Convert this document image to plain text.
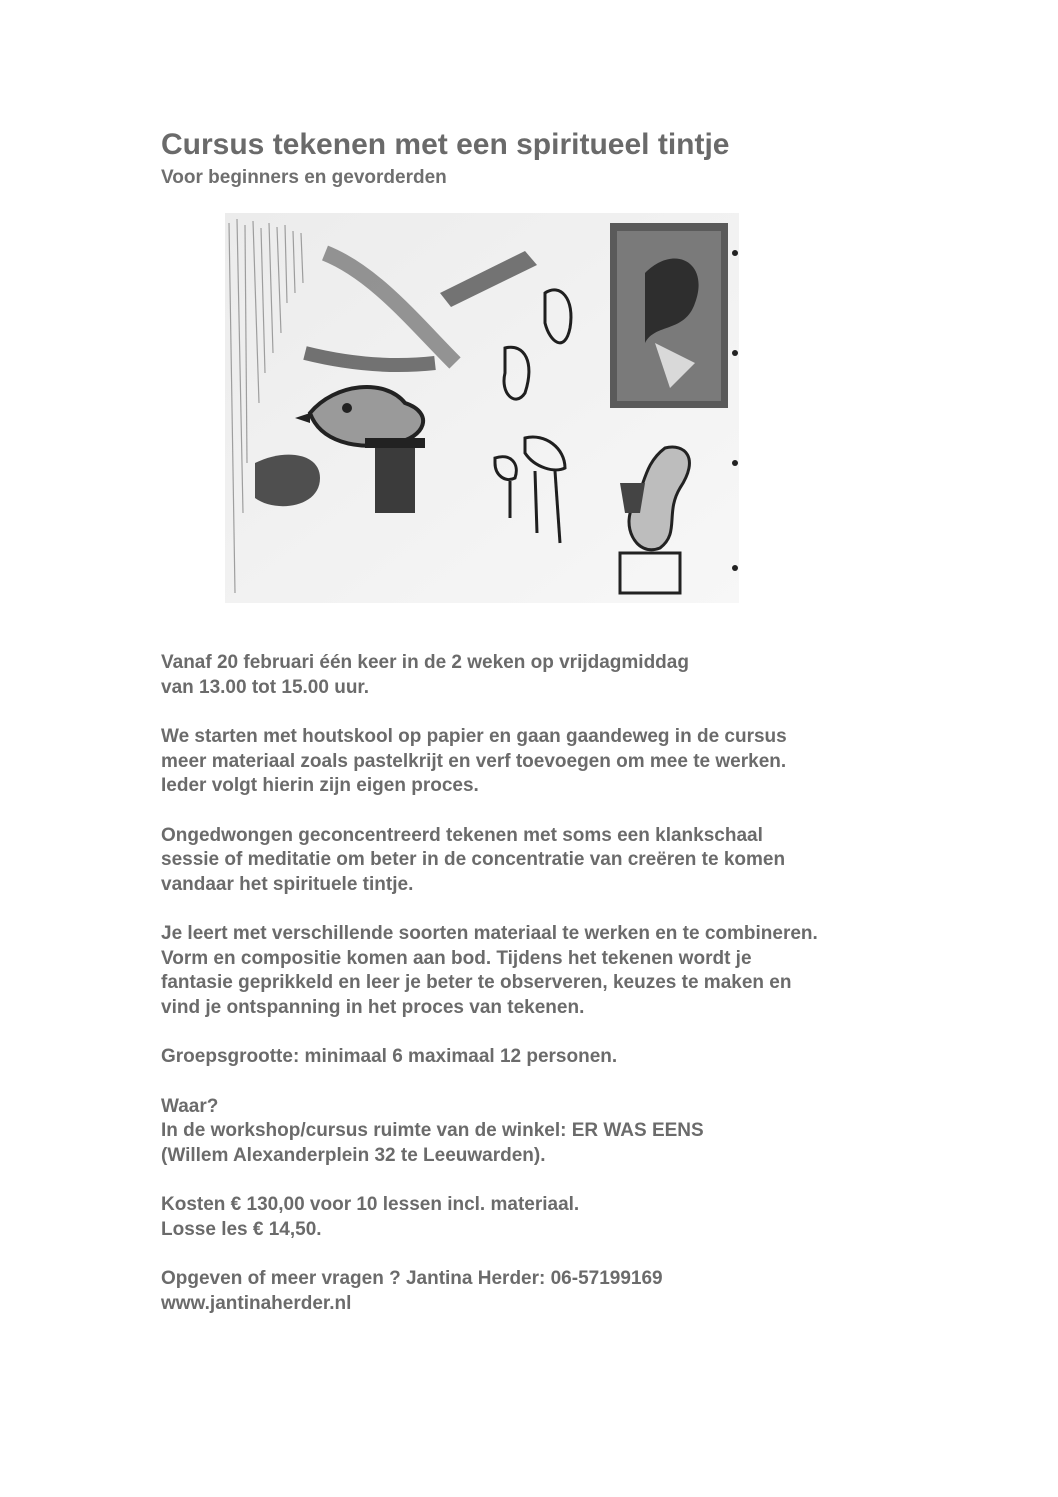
Cursus tekenen met een spiritueel tintje
Voor beginners en gevorderden

Vanaf 20 februari één keer in de 2 weken op vrijdagmiddag
van 13.00 tot 15.00 uur.

We starten met houtskool op papier en gaan gaandeweg in de cursus
meer materiaal zoals pastelkrijt en verf toevoegen om mee te werken.
Ieder volgt hierin zijn eigen proces.

Ongedwongen geconcentreerd tekenen met soms een klankschaal
sessie of meditatie om beter in de concentratie van creëren te komen
vandaar het spirituele tintje.

Je leert met verschillende soorten materiaal te werken en te combineren.
Vorm en compositie komen aan bod. Tijdens het tekenen wordt je
fantasie geprikkeld en leer je beter te observeren, keuzes te maken en
vind je ontspanning in het proces van tekenen.

Groepsgrootte: minimaal 6 maximaal 12 personen.

Waar?
In de workshop/cursus ruimte van de winkel: ER WAS EENS
(Willem Alexanderplein 32 te Leeuwarden).

Kosten € 130,00 voor 10 lessen incl. materiaal.
Losse les € 14,50.

Opgeven of meer vragen ? Jantina Herder: 06-57199169
www.jantinaherder.nl
